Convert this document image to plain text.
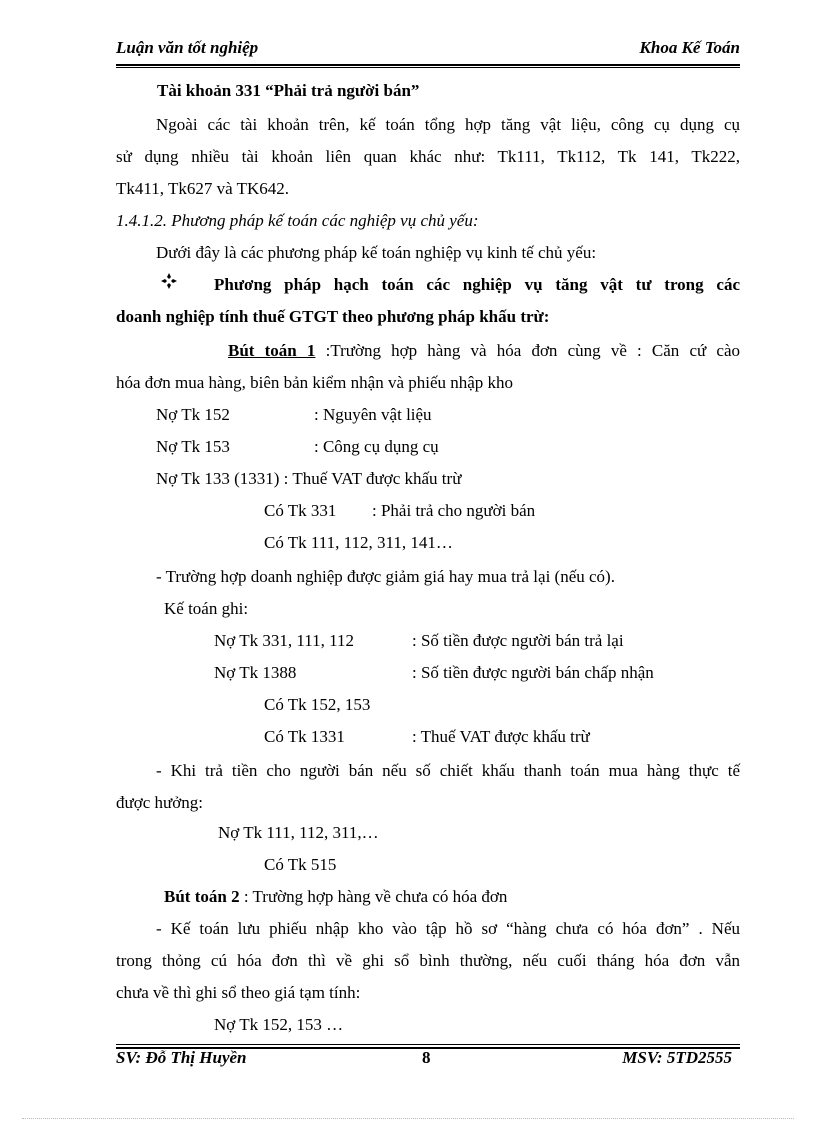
Luận văn tốt nghiệp	Khoa Kế Toán
Tài khoản 331 “Phải trả người bán”
Ngoài các tài khoản trên, kế toán tổng hợp tăng vật liệu, công cụ dụng cụ
sử dụng nhiều tài khoản liên quan khác như: Tk111, Tk112, Tk 141, Tk222,
Tk411, Tk627 và TK642.
1.4.1.2. Phương pháp kế toán các nghiệp vụ chủ yếu:
Dưới đây là các phương pháp kế toán nghiệp vụ kinh tế chủ yếu:
Phương pháp hạch toán các nghiệp vụ tăng vật tư trong các
doanh nghiệp tính thuế GTGT theo phương pháp khấu trừ:
Bút toán 1 :Trường hợp hàng và hóa đơn cùng về : Căn cứ cào
hóa đơn mua hàng, biên bản kiểm nhận và phiếu nhập kho
Nợ Tk 152	: Nguyên vật liệu
Nợ Tk 153	: Công cụ dụng cụ
Nợ Tk 133 (1331) : Thuế VAT được khấu trừ
Có Tk 331 : Phải trả cho người bán
Có Tk 111, 112, 311, 141…
- Trường hợp doanh nghiệp được giảm giá hay mua trả lại (nếu có).
Kế toán ghi:
Nợ Tk 331, 111, 112	: Số tiền được người bán trả lại
Nợ Tk 1388	: Số tiền được người bán chấp nhận
Có Tk 152, 153
Có Tk 1331	: Thuế VAT được khấu trừ
- Khi trả tiền cho người bán nếu số chiết khấu thanh toán mua hàng thực tế
được hưởng:
Nợ Tk 111, 112, 311,…
Có Tk 515
Bút toán 2 : Trường hợp hàng về chưa có hóa đơn
- Kế toán lưu phiếu nhập kho vào tập hồ sơ “hàng chưa có hóa đơn” . Nếu
trong thỏng cú hóa đơn thì về ghi sổ bình thường, nếu cuối tháng hóa đơn vẫn
chưa về thì ghi sổ theo giá tạm tính:
Nợ Tk 152, 153 …
SV: Đỗ Thị Huyền	8	MSV: 5TD2555
